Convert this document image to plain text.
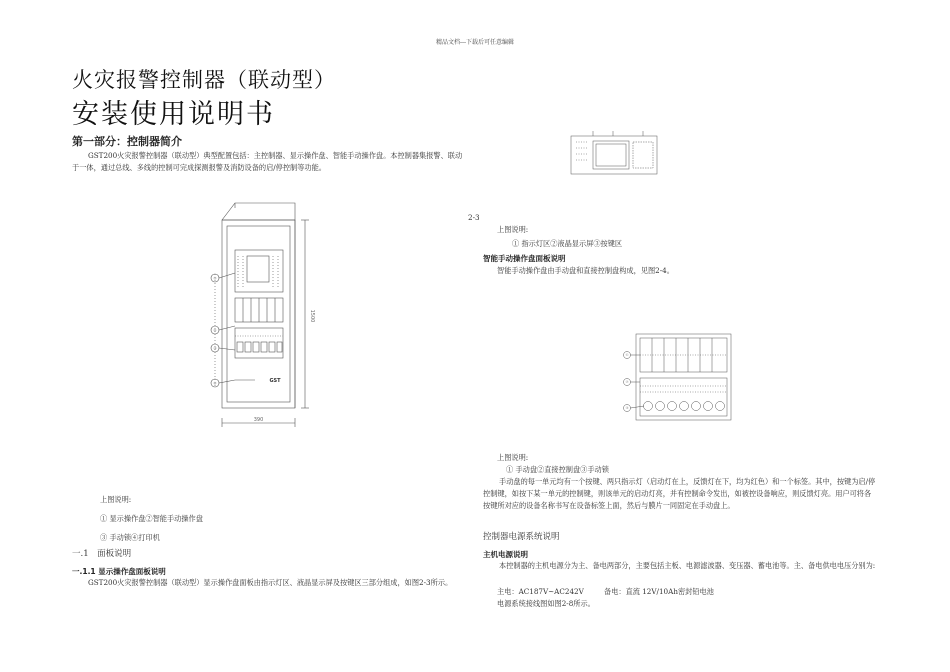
精品文档---下载后可任意编辑
火灾报警控制器（联动型）
安装使用说明书
第一部分：控制器简介
GST200火灾报警控制器（联动型）典型配置包括：主控制器、显示操作盘、智能手动操作盘。本控制器集报警、联动于一体，通过总线、多线的控制可完成探测报警及消防设备的启/停控制等功能。
①
②
③
④
390
1500
GST
上图说明:
① 显示操作盘②智能手动操作盘
③ 手动锁④打印机
一.1　面板说明
一.1.1 显示操作盘面板说明
GST200火灾报警控制器（联动型）显示操作盘面板由指示灯区、液晶显示屏及按键区三部分组成，如图2-3所示。
2-3
上图说明:
① 指示灯区②液晶显示屏③按键区
智能手动操作盘面板说明
智能手动操作盘由手动盘和直接控制盘构成，见图2-4。
①
②
③
上图说明:
① 手动盘②直接控制盘③手动锁
手动盘的每一单元均有一个按键、两只指示灯（启动灯在上，反馈灯在下，均为红色）和一个标签。其中，按键为启/停控制键，如按下某一单元的控制键，则该单元的启动灯亮，并有控制命令发出，如被控设备响应，则反馈灯亮。用户可将各按键所对应的设备名称书写在设备标签上面，然后与膜片一同固定在手动盘上。
控制器电源系统说明
主机电源说明
本控制器的主机电源分为主、备电两部分，主要包括主板、电源滤波器、变压器、蓄电池等。主、备电供电电压分别为:
主电：AC187V~AC242V	备电：直流 12V/10Ah密封铅电池
电源系统接线图如图2-8所示。
